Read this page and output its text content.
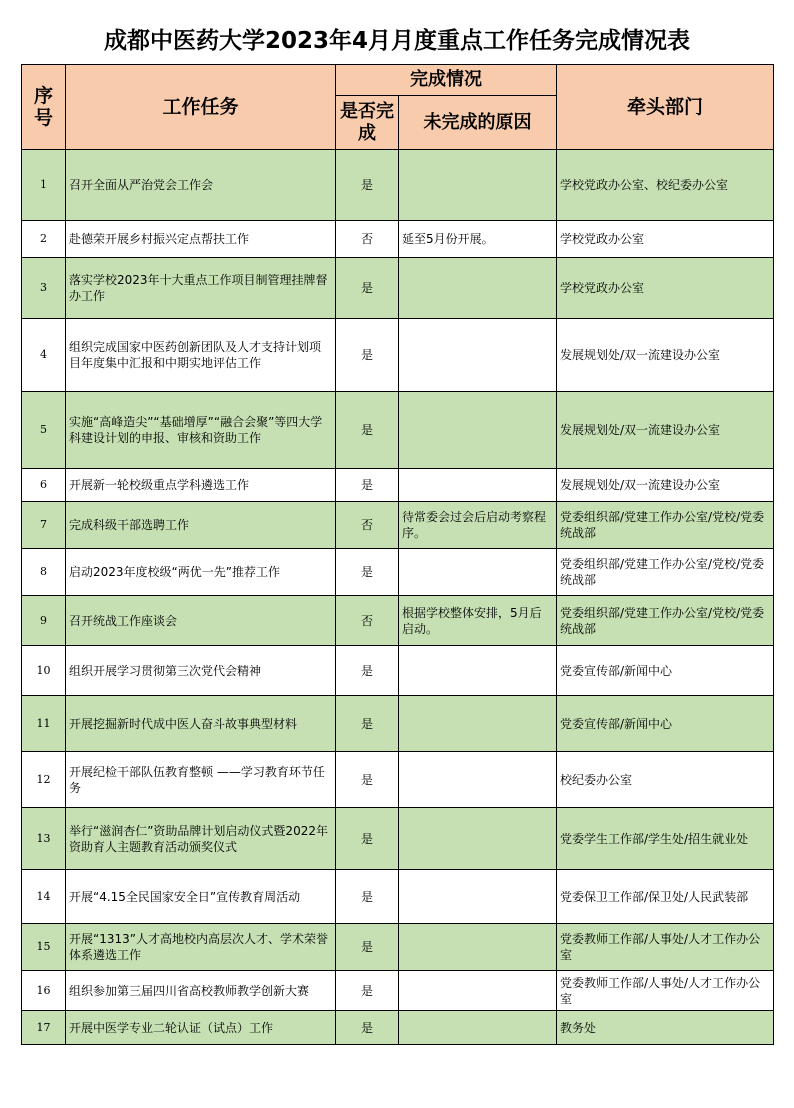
成都中医药大学2023年4月月度重点工作任务完成情况表
序号	工作任务	完成情况		牵头部门
		是否完成	未完成的原因	
1	召开全面从严治党会工作会	是		学校党政办公室、校纪委办公室
2	赴德荣开展乡村振兴定点帮扶工作	否	延至5月份开展。	学校党政办公室
3	落实学校2023年十大重点工作项目制管理挂牌督办工作	是		学校党政办公室
4	组织完成国家中医药创新团队及人才支持计划项目年度集中汇报和中期实地评估工作	是		发展规划处/双一流建设办公室
5	实施“高峰造尖”“基础增厚”“融合会聚”等四大学科建设计划的申报、审核和资助工作	是		发展规划处/双一流建设办公室
6	开展新一轮校级重点学科遴选工作	是		发展规划处/双一流建设办公室
7	完成科级干部选聘工作	否	待常委会过会后启动考察程序。	党委组织部/党建工作办公室/党校/党委统战部
8	启动2023年度校级“两优一先”推荐工作	是		党委组织部/党建工作办公室/党校/党委统战部
9	召开统战工作座谈会	否	根据学校整体安排，5月后启动。	党委组织部/党建工作办公室/党校/党委统战部
10	组织开展学习贯彻第三次党代会精神	是		党委宣传部/新闻中心
11	开展挖掘新时代成中医人奋斗故事典型材料	是		党委宣传部/新闻中心
12	开展纪检干部队伍教育整顿 ——学习教育环节任务	是		校纪委办公室
13	举行“滋润杏仁”资助品牌计划启动仪式暨2022年资助育人主题教育活动颁奖仪式	是		党委学生工作部/学生处/招生就业处
14	开展“4.15全民国家安全日”宣传教育周活动	是		党委保卫工作部/保卫处/人民武装部
15	开展“1313”人才高地校内高层次人才、学术荣誉体系遴选工作	是		党委教师工作部/人事处/人才工作办公室
16	组织参加第三届四川省高校教师教学创新大赛	是		党委教师工作部/人事处/人才工作办公室
17	开展中医学专业二轮认证（试点）工作	是		教务处
